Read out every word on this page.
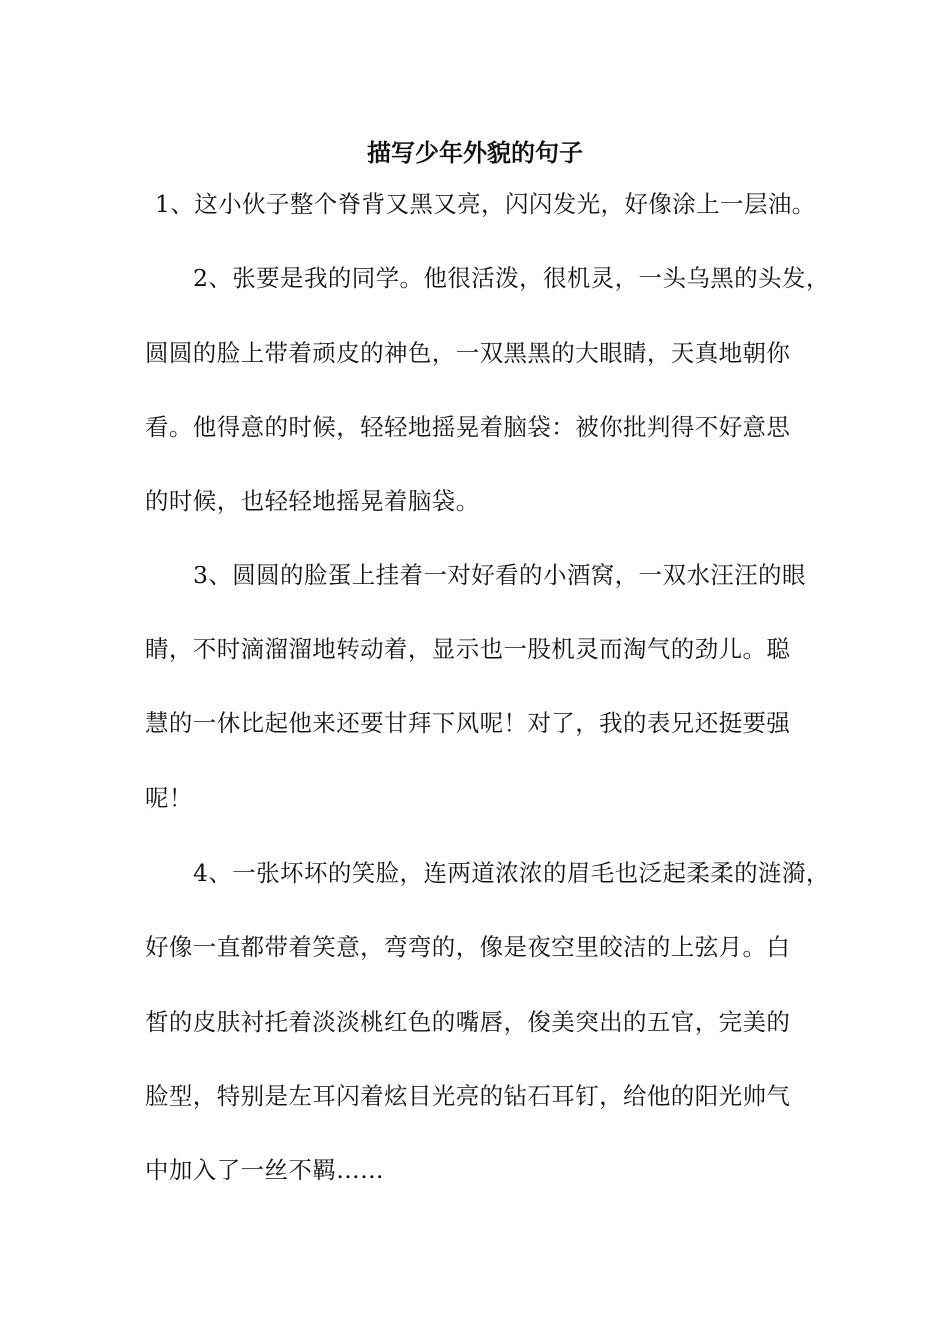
描写少年外貌的句子
1、这小伙子整个脊背又黑又亮，闪闪发光，好像涂上一层油。
2、张要是我的同学。他很活泼，很机灵，一头乌黑的头发，
圆圆的脸上带着顽皮的神色，一双黑黑的大眼睛，天真地朝你
看。他得意的时候，轻轻地摇晃着脑袋：被你批判得不好意思
的时候，也轻轻地摇晃着脑袋。
3、圆圆的脸蛋上挂着一对好看的小酒窝，一双水汪汪的眼
睛，不时滴溜溜地转动着，显示也一股机灵而淘气的劲儿。聪
慧的一休比起他来还要甘拜下风呢！对了，我的表兄还挺要强
呢！
4、一张坏坏的笑脸，连两道浓浓的眉毛也泛起柔柔的涟漪，
好像一直都带着笑意，弯弯的，像是夜空里皎洁的上弦月。白
皙的皮肤衬托着淡淡桃红色的嘴唇，俊美突出的五官，完美的
脸型，特别是左耳闪着炫目光亮的钻石耳钉，给他的阳光帅气
中加入了一丝不羁……
